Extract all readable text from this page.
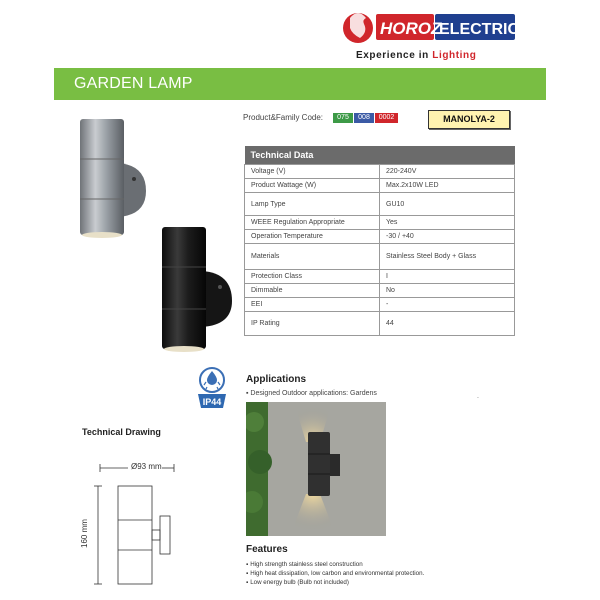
HOROZ
ELECTRIC
Experience in Lighting
GARDEN LAMP
Product&Family Code:	075	008	0002	MANOLYA-2
Technical Data	
Voltage (V)	220-240V
Product Wattage (W)	Max.2x10W LED
Lamp Type	GU10
WEEE Regulation Appropriate	Yes
Operation Temperature	-30 / +40
Materials	Stainless Steel Body + Glass
Protection Class	I
Dimmable	No
EEI	-
IP Rating	44
IP44
Applications
▪ Designed Outdoor applications: Gardens	.
Technical Drawing
Ø93 mm
160 mm
Features
▪ High strength stainless steel construction
▪ High heat dissipation, low carbon and environmental protection.
▪ Low energy bulb (Bulb not included)
